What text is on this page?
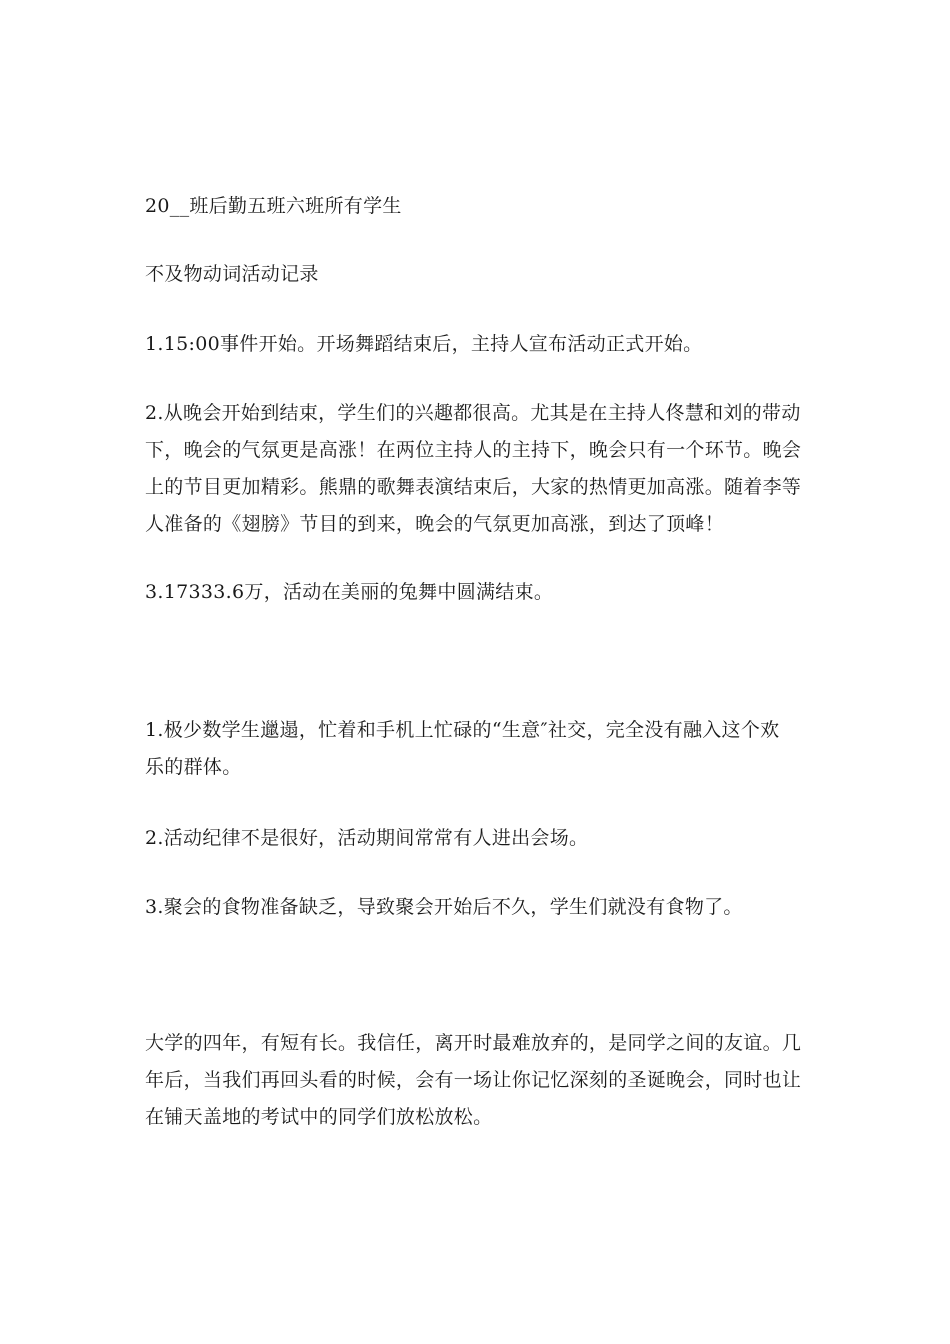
20__班后勤五班六班所有学生

不及物动词活动记录

1.15:00事件开始。开场舞蹈结束后，主持人宣布活动正式开始。

2.从晚会开始到结束，学生们的兴趣都很高。尤其是在主持人佟慧和刘的带动
下，晚会的气氛更是高涨！在两位主持人的主持下，晚会只有一个环节。晚会
上的节目更加精彩。熊鼎的歌舞表演结束后，大家的热情更加高涨。随着李等
人准备的《翅膀》节目的到来，晚会的气氛更加高涨，到达了顶峰！

3.17333.6万，活动在美丽的兔舞中圆满结束。

1.极少数学生邋遢，忙着和手机上忙碌的“生意″社交，完全没有融入这个欢
乐的群体。

2.活动纪律不是很好，活动期间常常有人进出会场。

3.聚会的食物准备缺乏，导致聚会开始后不久，学生们就没有食物了。

大学的四年，有短有长。我信任，离开时最难放弃的，是同学之间的友谊。几
年后，当我们再回头看的时候，会有一场让你记忆深刻的圣诞晚会，同时也让
在铺天盖地的考试中的同学们放松放松。
